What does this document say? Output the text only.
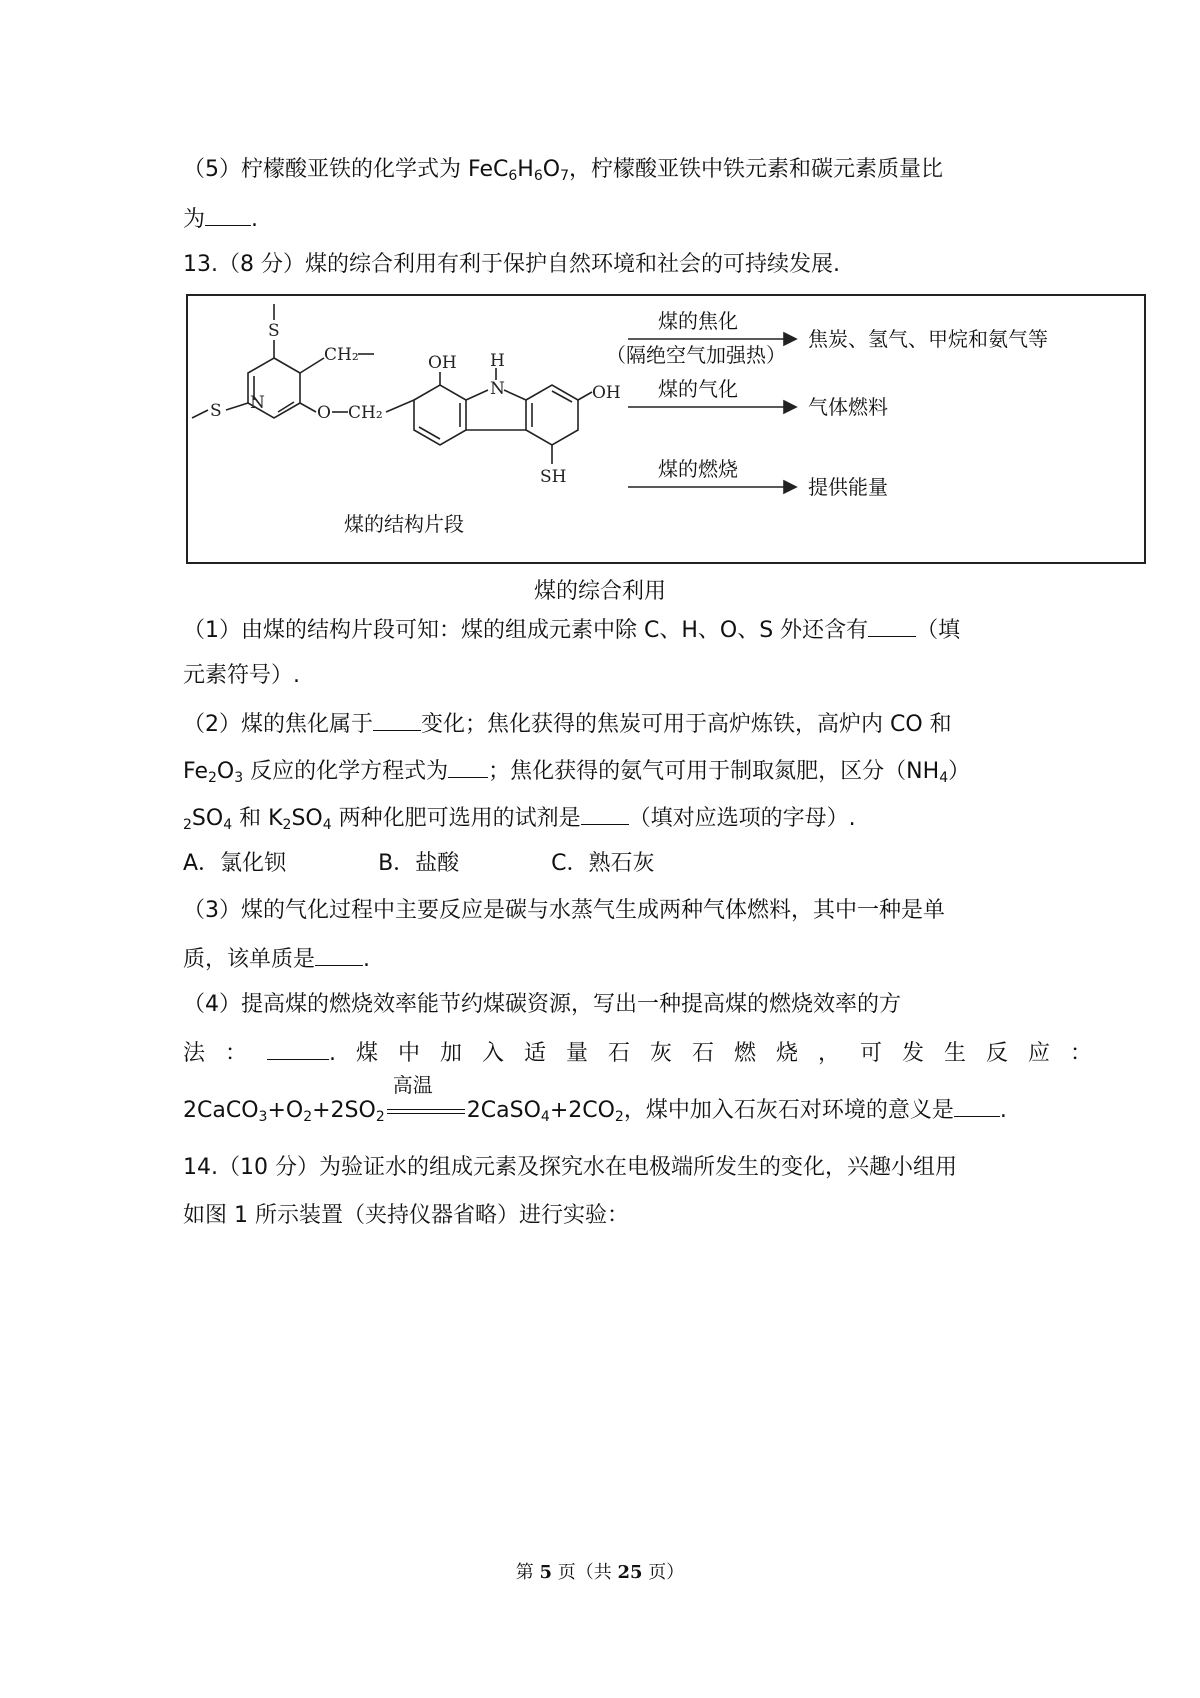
（5）柠檬酸亚铁的化学式为 $FeC_6H_6O_7$，柠檬酸亚铁中铁元素和碳元素质量比
为 .
13.（8 分）煤的综合利用有利于保护自然环境和社会的可持续发展.
S
CH₂
S N	O CH₂
OH H
N	OH
SH
煤的结构片段
煤的焦化
（隔绝空气加强热）
焦炭、氢气、甲烷和氨气等
煤的气化
气体燃料
煤的燃烧
提供能量
煤的综合利用
（1）由煤的结构片段可知：煤的组成元素中除 C、H、O、S 外还含有 （填
元素符号）.
（2）煤的焦化属于 变化；焦化获得的焦炭可用于高炉炼铁，高炉内 CO 和
$Fe_2O_3$ 反应的化学方程式为 ；焦化获得的氨气可用于制取氮肥，区分$(NH_4)$
$_2SO_4$ 和 $K_2SO_4$ 两种化肥可选用的试剂是 （填对应选项的字母）.
A．氯化钡	B．盐酸	C．熟石灰
（3）煤的气化过程中主要反应是碳与水蒸气生成两种气体燃料，其中一种是单
质，该单质是 .
（4）提高煤的燃烧效率能节约煤碳资源，写出一种提高煤的燃烧效率的方
法：	.煤中加入适量石灰石燃烧，可发生反应：
$2CaCO_3+O_2+2SO_2$
高温
$2CaSO_4+2CO_2$，煤中加入石灰石对环境的意义是 .
14.（10 分）为验证水的组成元素及探究水在电极端所发生的变化，兴趣小组用
如图 1 所示装置（夹持仪器省略）进行实验：
第 5 页（共 25 页）
